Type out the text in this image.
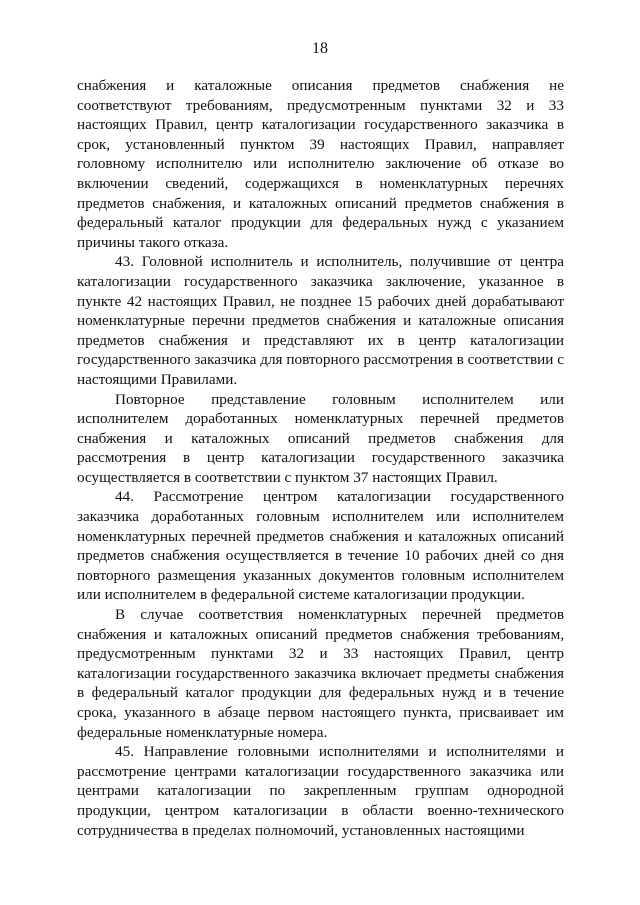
18

снабжения и каталожные описания предметов снабжения не соответствуют требованиям, предусмотренным пунктами 32 и 33 настоящих Правил, центр каталогизации государственного заказчика в срок, установленный пунктом 39 настоящих Правил, направляет головному исполнителю или исполнителю заключение об отказе во включении сведений, содержащихся в номенклатурных перечнях предметов снабжения, и каталожных описаний предметов снабжения в федеральный каталог продукции для федеральных нужд с указанием причины такого отказа.

43. Головной исполнитель и исполнитель, получившие от центра каталогизации государственного заказчика заключение, указанное в пункте 42 настоящих Правил, не позднее 15 рабочих дней дорабатывают номенклатурные перечни предметов снабжения и каталожные описания предметов снабжения и представляют их в центр каталогизации государственного заказчика для повторного рассмотрения в соответствии с настоящими Правилами.

Повторное представление головным исполнителем или исполнителем доработанных номенклатурных перечней предметов снабжения и каталожных описаний предметов снабжения для рассмотрения в центр каталогизации государственного заказчика осуществляется в соответствии с пунктом 37 настоящих Правил.

44. Рассмотрение центром каталогизации государственного заказчика доработанных головным исполнителем или исполнителем номенклатурных перечней предметов снабжения и каталожных описаний предметов снабжения осуществляется в течение 10 рабочих дней со дня повторного размещения указанных документов головным исполнителем или исполнителем в федеральной системе каталогизации продукции.

В случае соответствия номенклатурных перечней предметов снабжения и каталожных описаний предметов снабжения требованиям, предусмотренным пунктами 32 и 33 настоящих Правил, центр каталогизации государственного заказчика включает предметы снабжения в федеральный каталог продукции для федеральных нужд и в течение срока, указанного в абзаце первом настоящего пункта, присваивает им федеральные номенклатурные номера.

45. Направление головными исполнителями и исполнителями и рассмотрение центрами каталогизации государственного заказчика или центрами каталогизации по закрепленным группам однородной продукции, центром каталогизации в области военно-технического сотрудничества в пределах полномочий, установленных настоящими
